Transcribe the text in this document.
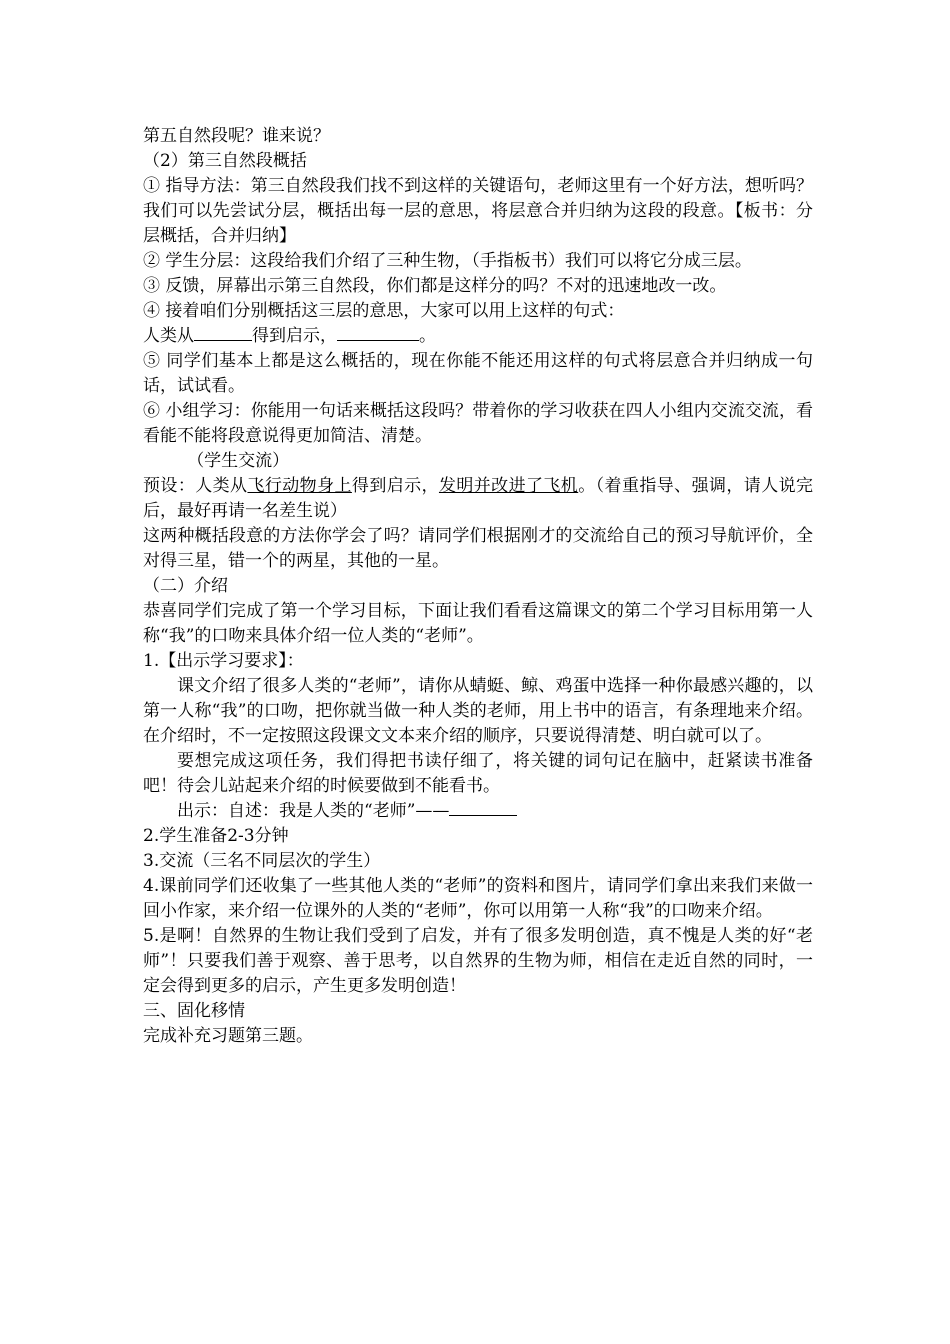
第五自然段呢？谁来说？

（2）第三自然段概括

① 指导方法：第三自然段我们找不到这样的关键语句，老师这里有一个好方法，想听吗？我们可以先尝试分层，概括出每一层的意思，将层意合并归纳为这段的段意。【板书：分层概括，合并归纳】

② 学生分层：这段给我们介绍了三种生物，（手指板书）我们可以将它分成三层。

③ 反馈，屏幕出示第三自然段，你们都是这样分的吗？不对的迅速地改一改。

④ 接着咱们分别概括这三层的意思，大家可以用上这样的句式：

人类从	得到启示，	。

⑤ 同学们基本上都是这么概括的，现在你能不能还用这样的句式将层意合并归纳成一句话，试试看。

⑥ 小组学习：你能用一句话来概括这段吗？带着你的学习收获在四人小组内交流交流，看看能不能将段意说得更加简洁、清楚。

（学生交流）

预设：人类从飞行动物身上得到启示，发明并改进了飞机。（着重指导、强调，请人说完后，最好再请一名差生说）

这两种概括段意的方法你学会了吗？请同学们根据刚才的交流给自己的预习导航评价，全对得三星，错一个的两星，其他的一星。

（二）介绍

恭喜同学们完成了第一个学习目标，下面让我们看看这篇课文的第二个学习目标用第一人称“我”的口吻来具体介绍一位人类的“老师”。

1.【出示学习要求】：

课文介绍了很多人类的“老师”，请你从蜻蜓、鲸、鸡蛋中选择一种你最感兴趣的，以第一人称“我”的口吻，把你就当做一种人类的老师，用上书中的语言，有条理地来介绍。在介绍时，不一定按照这段课文文本来介绍的顺序，只要说得清楚、明白就可以了。

要想完成这项任务，我们得把书读仔细了，将关键的词句记在脑中，赶紧读书准备吧！待会儿站起来介绍的时候要做到不能看书。

出示：自述：我是人类的“老师”——

2.学生准备2-3分钟

3.交流（三名不同层次的学生）

4.课前同学们还收集了一些其他人类的“老师”的资料和图片，请同学们拿出来我们来做一回小作家，来介绍一位课外的人类的“老师”，你可以用第一人称“我”的口吻来介绍。

5.是啊！自然界的生物让我们受到了启发，并有了很多发明创造，真不愧是人类的好“老师”！只要我们善于观察、善于思考，以自然界的生物为师，相信在走近自然的同时，一定会得到更多的启示，产生更多发明创造！

三、固化移情

完成补充习题第三题。
